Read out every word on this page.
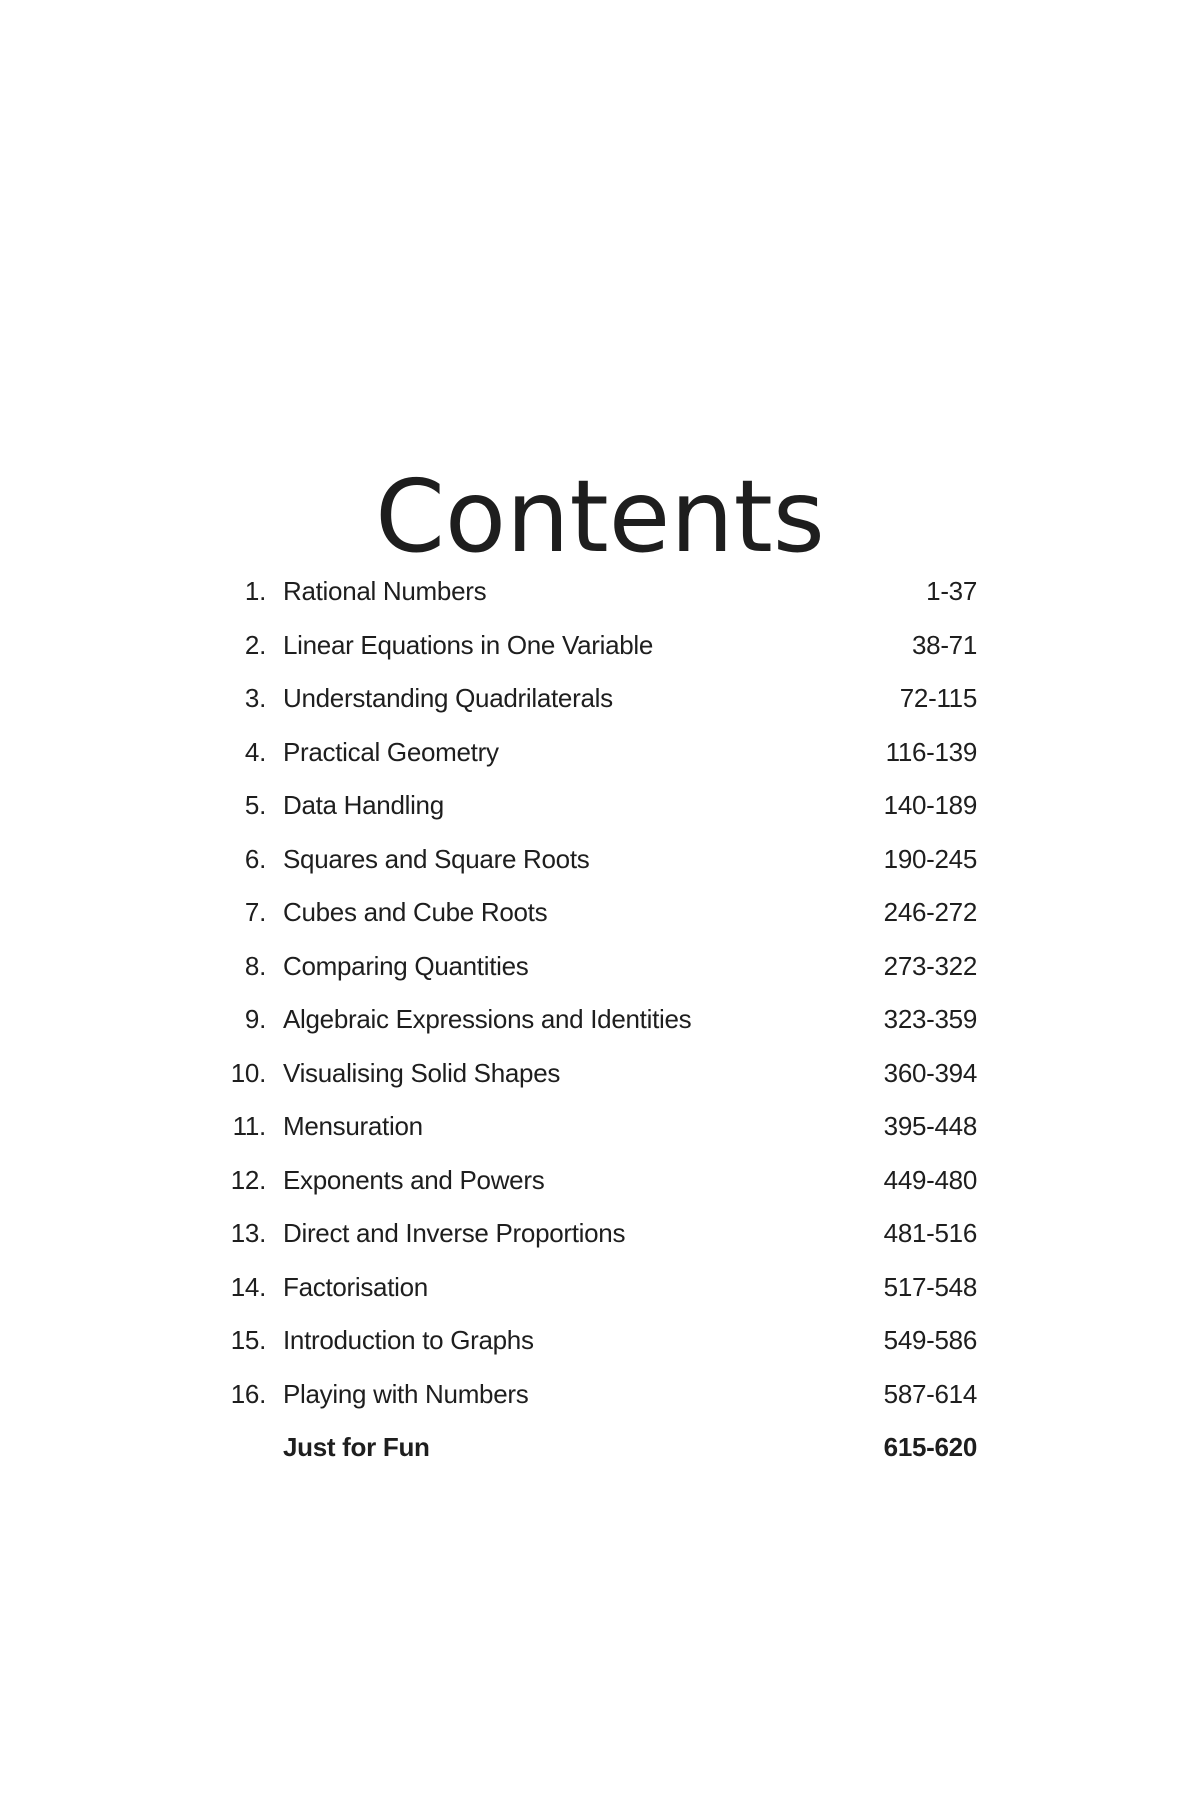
Contents
1. Rational Numbers	1-37
2. Linear Equations in One Variable	38-71
3. Understanding Quadrilaterals	72-115
4. Practical Geometry	116-139
5. Data Handling	140-189
6. Squares and Square Roots	190-245
7. Cubes and Cube Roots	246-272
8. Comparing Quantities	273-322
9. Algebraic Expressions and Identities	323-359
10. Visualising Solid Shapes	360-394
11. Mensuration	395-448
12. Exponents and Powers	449-480
13. Direct and Inverse Proportions	481-516
14. Factorisation	517-548
15. Introduction to Graphs	549-586
16. Playing with Numbers	587-614
Just for Fun	615-620
